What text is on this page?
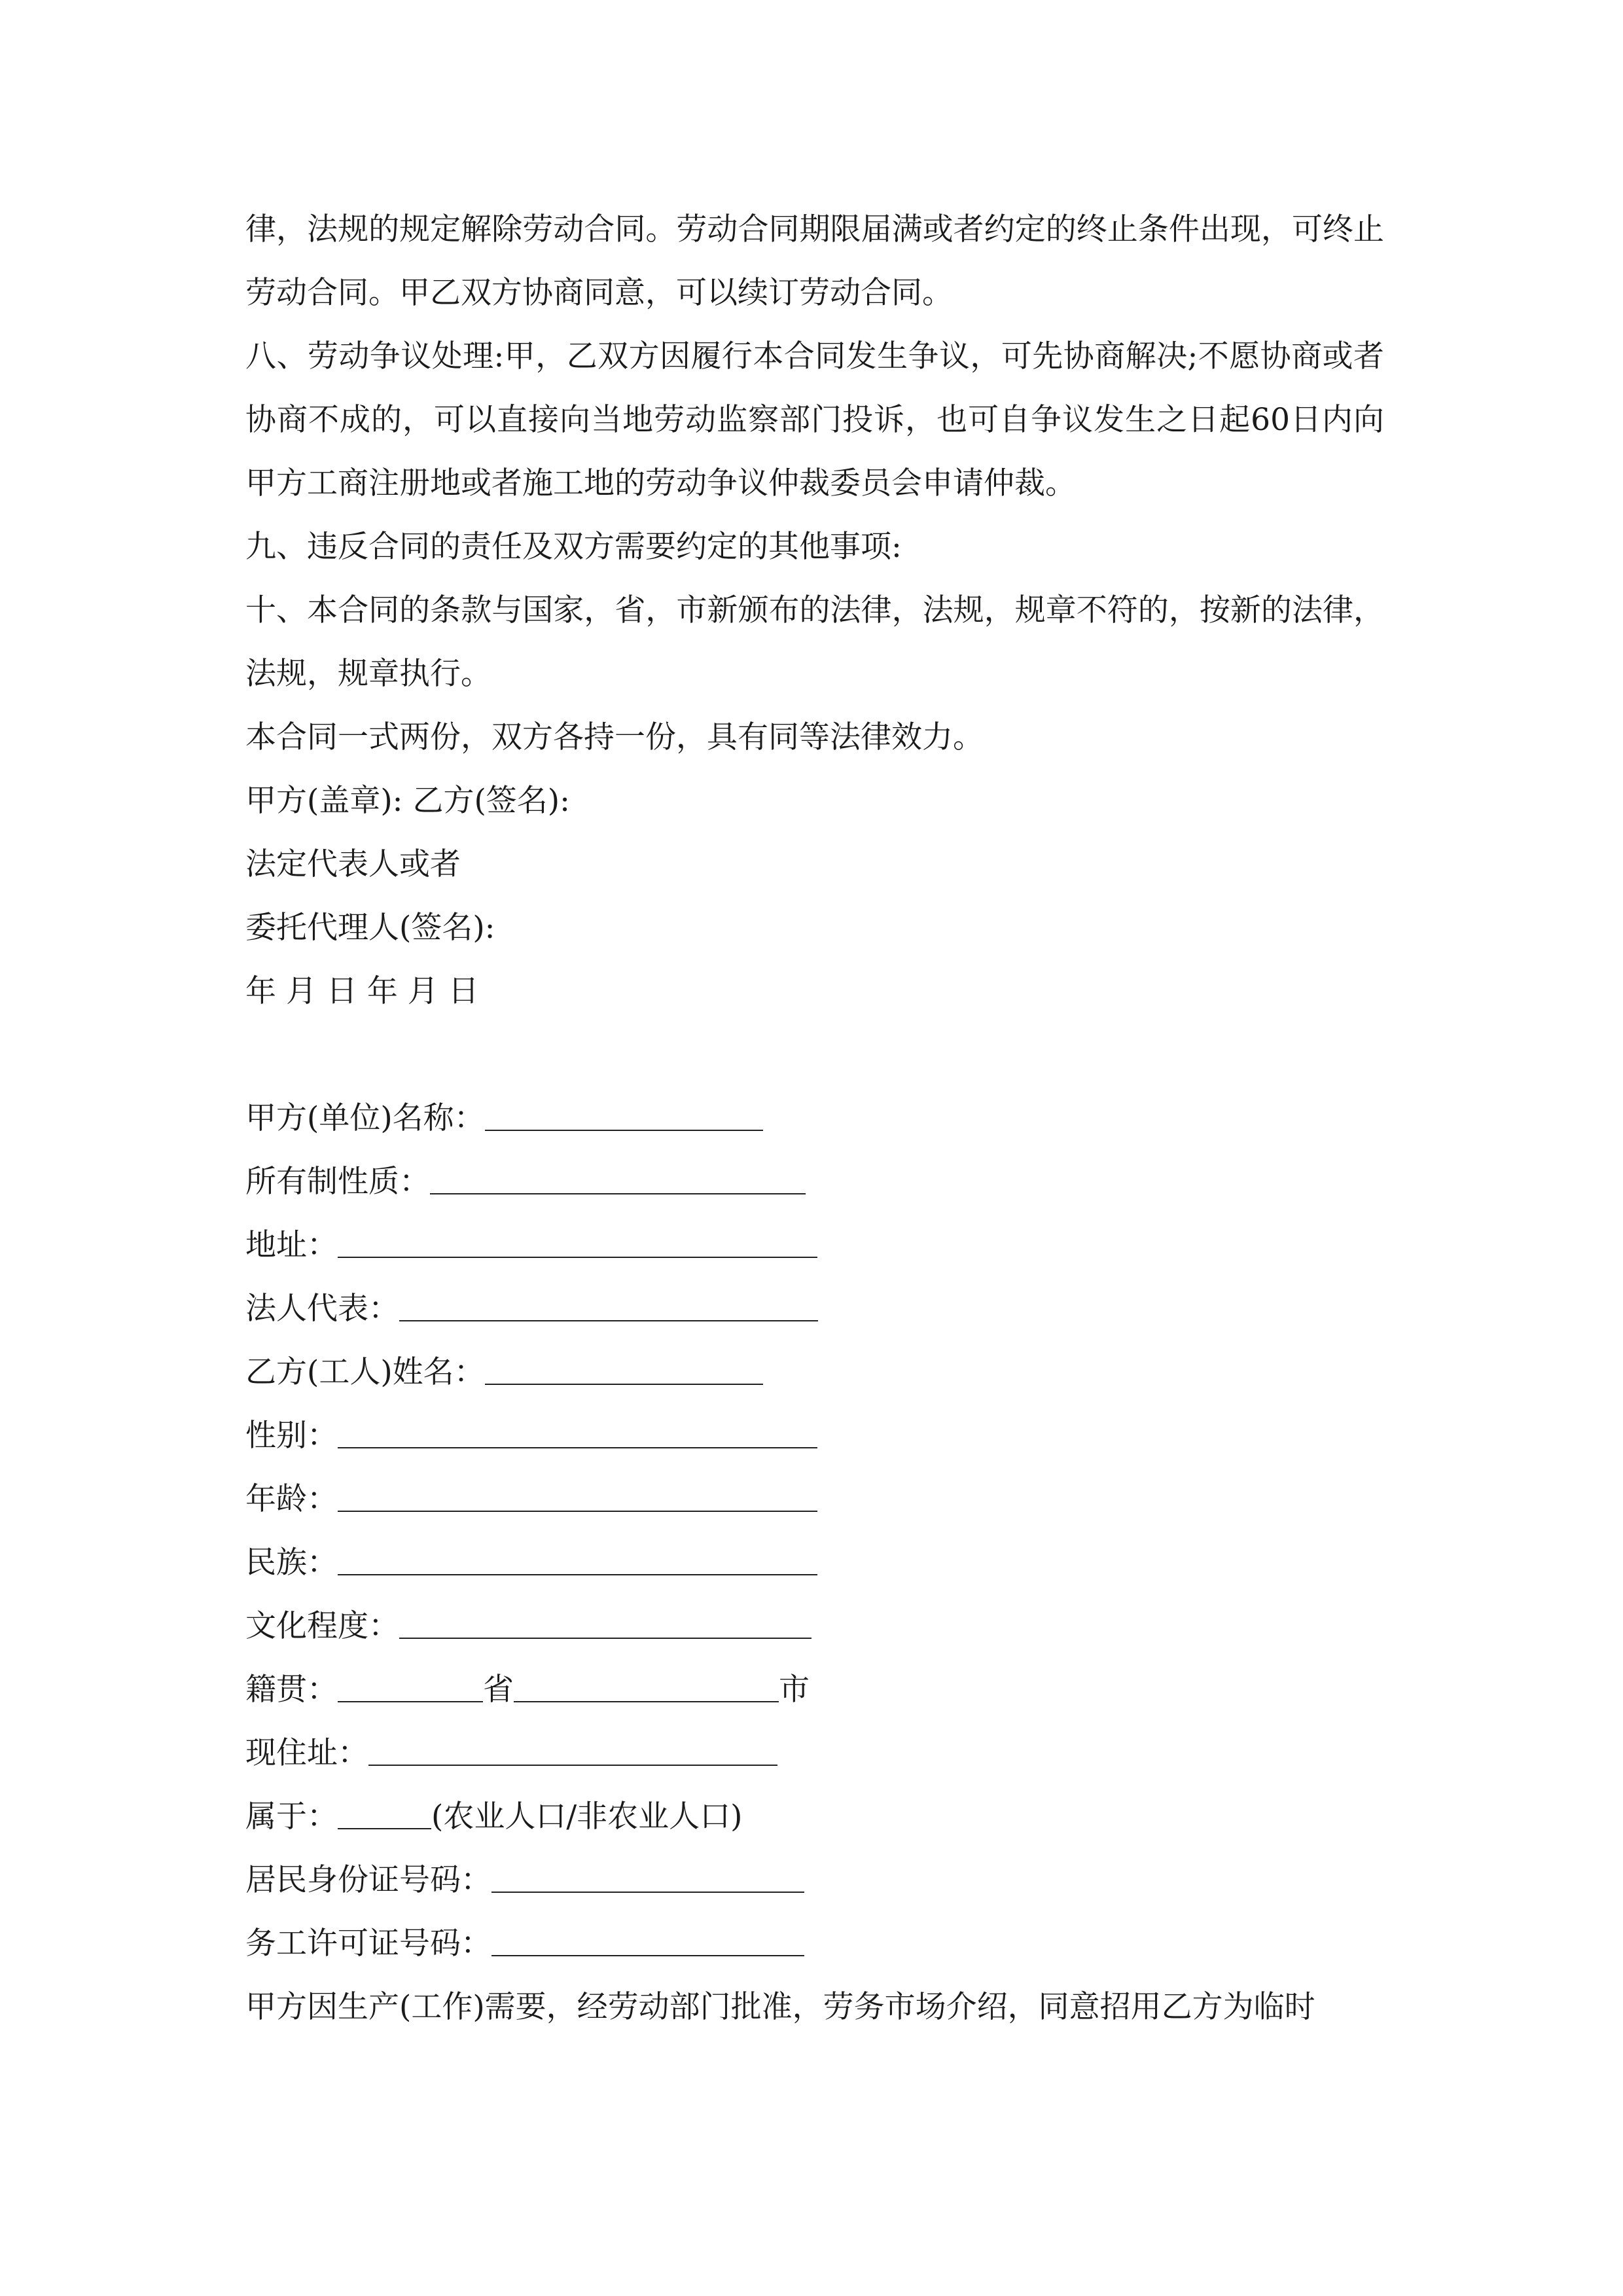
律，法规的规定解除劳动合同。劳动合同期限届满或者约定的终止条件出现，可终止劳动合同。甲乙双方协商同意，可以续订劳动合同。

八、劳动争议处理:甲，乙双方因履行本合同发生争议，可先协商解决;不愿协商或者协商不成的，可以直接向当地劳动监察部门投诉，也可自争议发生之日起60日内向甲方工商注册地或者施工地的劳动争议仲裁委员会申请仲裁。

九、违反合同的责任及双方需要约定的其他事项:

十、本合同的条款与国家，省，市新颁布的法律，法规，规章不符的，按新的法律，法规，规章执行。

本合同一式两份，双方各持一份，具有同等法律效力。

甲方(盖章): 乙方(签名):
法定代表人或者
委托代理人(签名):
年 月 日 年 月 日
甲方(单位)名称：
所有制性质：
地址：
法人代表：
乙方(工人)姓名：
性别：
年龄：
民族：
文化程度：
籍贯：	省	市
现住址：
属于：	(农业人口/非农业人口)
居民身份证号码：
务工许可证号码：
甲方因生产(工作)需要，经劳动部门批准，劳务市场介绍，同意招用乙方为临时
